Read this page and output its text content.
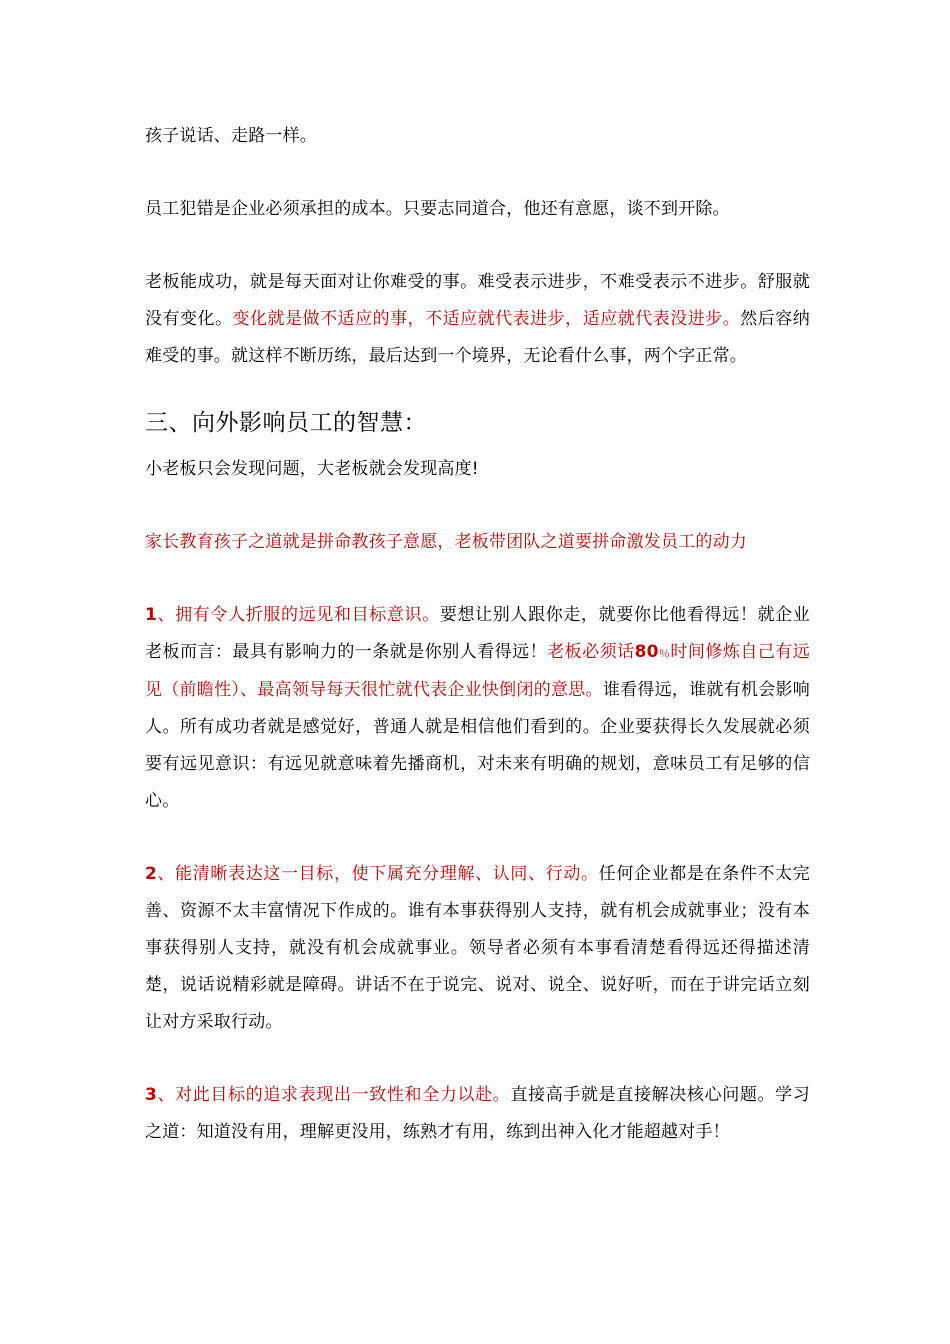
孩子说话、走路一样。

员工犯错是企业必须承担的成本。只要志同道合，他还有意愿，谈不到开除。

老板能成功，就是每天面对让你难受的事。难受表示进步，不难受表示不进步。舒服就没有变化。变化就是做不适应的事，不适应就代表进步，适应就代表没进步。然后容纳难受的事。就这样不断历练，最后达到一个境界，无论看什么事，两个字正常。

三、向外影响员工的智慧：

小老板只会发现问题，大老板就会发现高度!

家长教育孩子之道就是拼命教孩子意愿，老板带团队之道要拼命激发员工的动力

1、拥有令人折服的远见和目标意识。要想让别人跟你走，就要你比他看得远！就企业老板而言：最具有影响力的一条就是你别人看得远！老板必须话80％时间修炼自己有远见（前瞻性）、最高领导每天很忙就代表企业快倒闭的意思。谁看得远，谁就有机会影响人。所有成功者就是感觉好，普通人就是相信他们看到的。企业要获得长久发展就必须要有远见意识：有远见就意味着先播商机，对未来有明确的规划，意味员工有足够的信心。

2、能清晰表达这一目标，使下属充分理解、认同、行动。任何企业都是在条件不太完善、资源不太丰富情况下作成的。谁有本事获得别人支持，就有机会成就事业；没有本事获得别人支持，就没有机会成就事业。领导者必须有本事看清楚看得远还得描述清楚，说话说精彩就是障碍。讲话不在于说完、说对、说全、说好听，而在于讲完话立刻让对方采取行动。

3、对此目标的追求表现出一致性和全力以赴。直接高手就是直接解决核心问题。学习之道：知道没有用，理解更没用，练熟才有用，练到出神入化才能超越对手！
